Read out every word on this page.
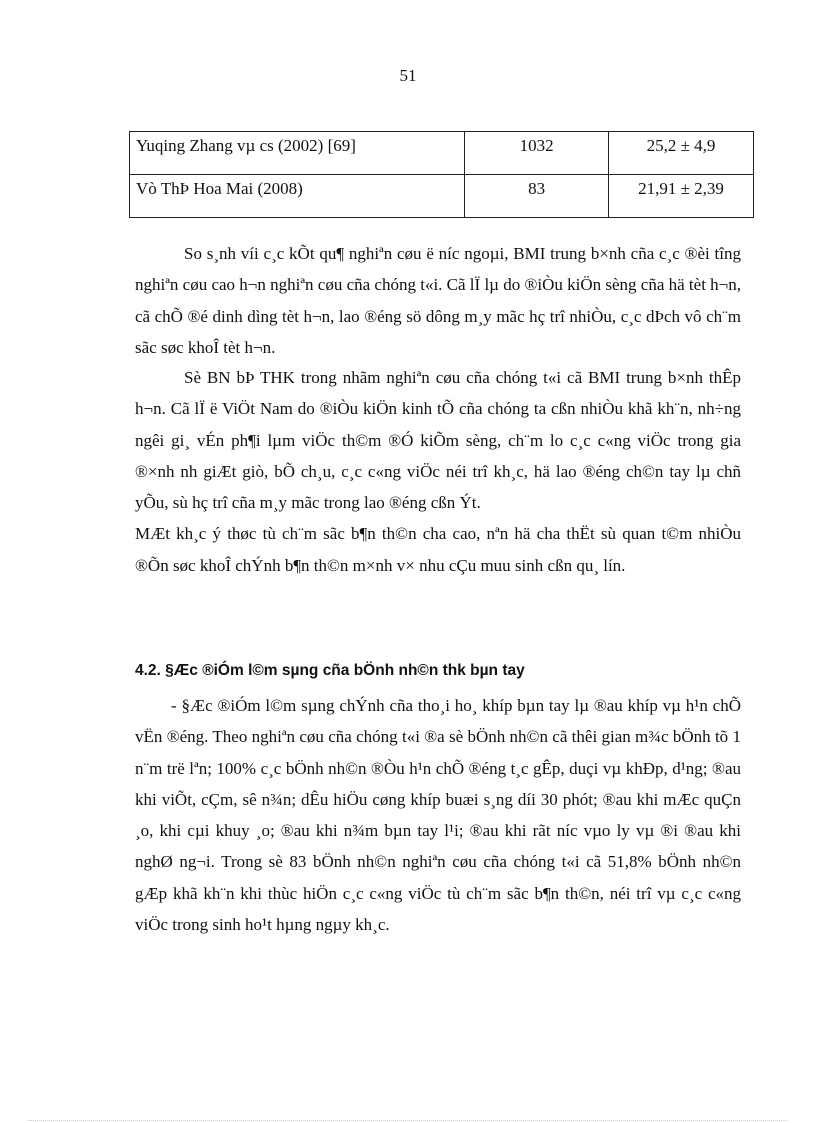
51
Yuqing Zhang vµ cs (2002) [69]	1032	25,2 ± 4,9
Vò ThÞ Hoa Mai (2008)	83	21,91 ± 2,39

So s¸nh víi c¸c kÕt qu¶ nghiªn cøu ë níc ngoµi, BMI trung b×nh cña c¸c ®èi tîng nghiªn cøu cao h¬n nghiªn cøu cña chóng t«i. Cã lÏ lµ do ®iÒu kiÖn sèng cña hä tèt h¬n, cã chÕ ®é dinh dìng tèt h¬n, lao ®éng sö dông m¸y mãc hç trî nhiÒu, c¸c dÞch vô ch¨m sãc søc khoÎ tèt h¬n.

Sè BN bÞ THK trong nhãm nghiªn cøu cña chóng t«i cã BMI trung b×nh thÊp h¬n. Cã lÏ ë ViÖt Nam do ®iÒu kiÖn kinh tÕ cña chóng ta cßn nhiÒu khã kh¨n, nh÷ng ngêi gi¸ vÉn ph¶i lµm viÖc th©m ®Ó kiÕm sèng, ch¨m lo c¸c c«ng viÖc trong gia ®×nh nh giÆt giò, bÕ ch¸u, c¸c c«ng viÖc néi trî kh¸c, hä lao ®éng ch©n tay lµ chñ yÕu, sù hç trî cña m¸y mãc trong lao ®éng cßn Ýt.

MÆt kh¸c ý thøc tù ch¨m sãc b¶n th©n cha cao, nªn hä cha thËt sù quan t©m nhiÒu ®Õn søc khoÎ chÝnh b¶n th©n m×nh v× nhu cÇu muu sinh cßn qu¸ lín.

4.2. §Æc ®iÓm l©m sµng cña bÖnh nh©n thk bµn tay

- §Æc ®iÓm l©m sµng chÝnh cña tho¸i ho¸ khíp bµn tay lµ ®au khíp vµ h¹n chÕ vËn ®éng. Theo nghiªn cøu cña chóng t«i ®a sè bÖnh nh©n cã thêi gian m¾c bÖnh tõ 1 n¨m trë lªn; 100% c¸c bÖnh nh©n ®Òu h¹n chÕ ®éng t¸c gÊp, duçi vµ khÐp, d¹ng; ®au khi viÕt, cÇm, sê n¾n; dÊu hiÖu cøng khíp buæi s¸ng díi 30 phót; ®au khi mÆc quÇn ¸o, khi cµi khuy ¸o; ®au khi n¾m bµn tay l¹i; ®au khi rãt níc vµo ly vµ ®i ®au khi nghØ ng¬i. Trong sè 83 bÖnh nh©n nghiªn cøu cña chóng t«i cã 51,8% bÖnh nh©n gÆp khã kh¨n khi thùc hiÖn c¸c c«ng viÖc tù ch¨m sãc b¶n th©n, néi trî vµ c¸c c«ng viÖc trong sinh ho¹t hµng ngµy kh¸c.
